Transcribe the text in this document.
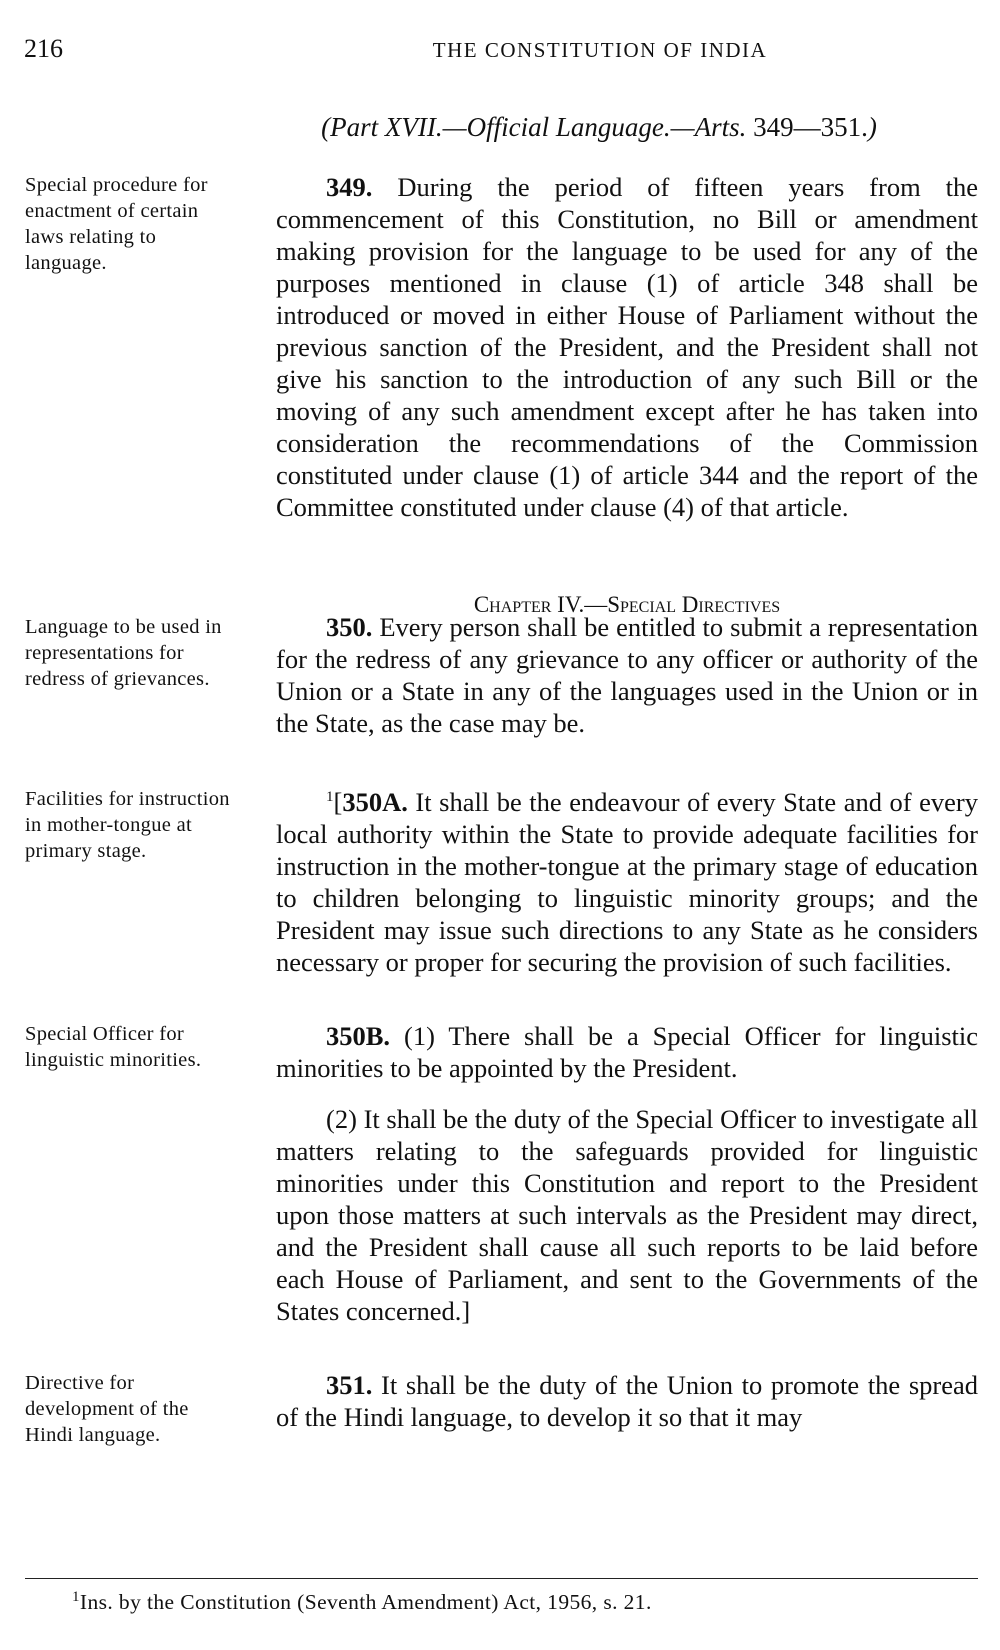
216	THE CONSTITUTION OF INDIA
(Part XVII.—Official Language.—Arts. 349—351.)
Special procedure for enactment of certain laws relating to language.

349. During the period of fifteen years from the commencement of this Constitution, no Bill or amendment making provision for the language to be used for any of the purposes mentioned in clause (1) of article 348 shall be introduced or moved in either House of Parliament without the previous sanction of the President, and the President shall not give his sanction to the introduction of any such Bill or the moving of any such amendment except after he has taken into consideration the recommendations of the Commission constituted under clause (1) of article 344 and the report of the Committee constituted under clause (4) of that article.

Chapter IV.—Special Directives
Language to be used in representations for redress of grievances.

350. Every person shall be entitled to submit a representation for the redress of any grievance to any officer or authority of the Union or a State in any of the languages used in the Union or in the State, as the case may be.

Facilities for instruction in mother-tongue at primary stage.

$^1$[350A. It shall be the endeavour of every State and of every local authority within the State to provide adequate facilities for instruction in the mother-tongue at the primary stage of education to children belonging to linguistic minority groups; and the President may issue such directions to any State as he considers necessary or proper for securing the provision of such facilities.

Special Officer for linguistic minorities.

350B. (1) There shall be a Special Officer for linguistic minorities to be appointed by the President.

(2) It shall be the duty of the Special Officer to investigate all matters relating to the safeguards provided for linguistic minorities under this Constitution and report to the President upon those matters at such intervals as the President may direct, and the President shall cause all such reports to be laid before each House of Parliament, and sent to the Governments of the States concerned.]

Directive for development of the Hindi language.

351. It shall be the duty of the Union to promote the spread of the Hindi language, to develop it so that it may

$^1$Ins. by the Constitution (Seventh Amendment) Act, 1956, s. 21.
